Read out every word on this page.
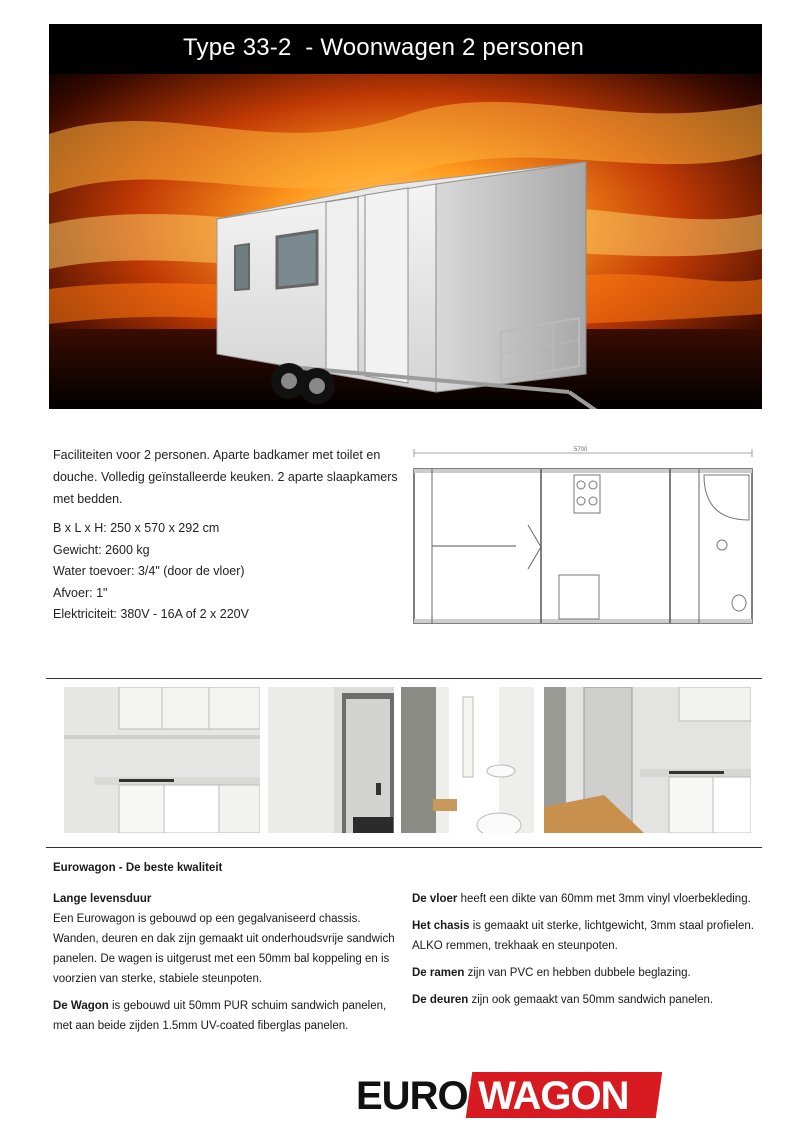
Type 33-2  - Woonwagen 2 personen
Faciliteiten voor 2 personen. Aparte badkamer met toilet en douche. Volledig geïnstalleerde keuken. 2 aparte slaapkamers met bedden.
B x L x H: 250 x 570 x 292 cm
Gewicht: 2600 kg
Water toevoer: 3/4" (door de vloer)
Afvoer: 1"
Elektriciteit: 380V - 16A of 2 x 220V
5700
Eurowagon - De beste kwaliteit
Lange levensduur

Een Eurowagon is gebouwd op een gegalvaniseerd chassis. Wanden, deuren en dak zijn gemaakt uit onderhoudsvrije sandwich panelen. De wagen is uitgerust met een 50mm bal koppeling en is voorzien van sterke, stabiele steunpoten.

De Wagon is gebouwd uit 50mm PUR schuim sandwich panelen, met aan beide zijden 1.5mm UV-coated fiberglas panelen.

De vloer heeft een dikte van 60mm met 3mm vinyl vloerbekleding.

Het chasis is gemaakt uit sterke, lichtgewicht, 3mm staal profielen. ALKO remmen, trekhaak en steunpoten.

De ramen zijn van PVC en hebben dubbele beglazing.

De deuren zijn ook gemaakt van 50mm sandwich panelen.

EURO WAGON
